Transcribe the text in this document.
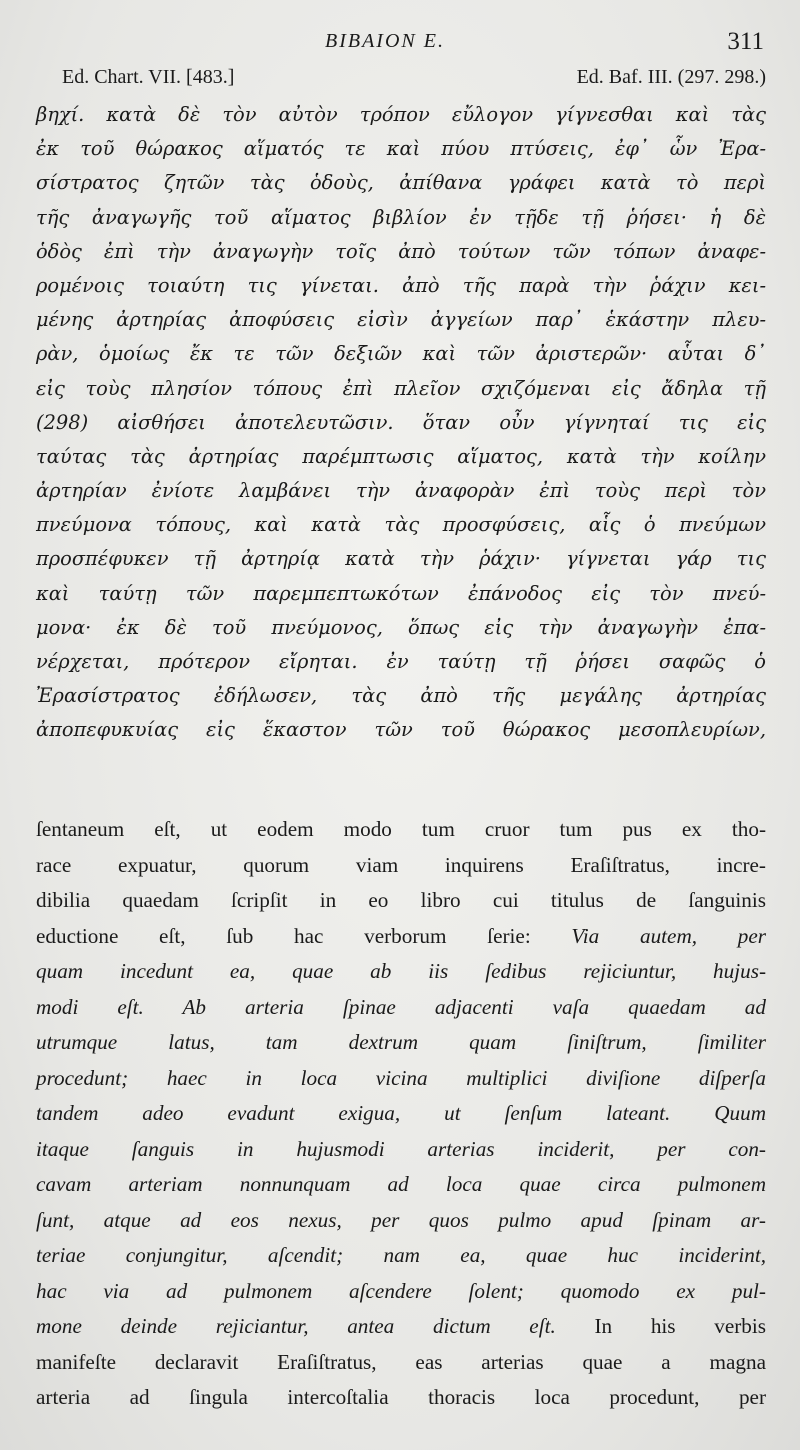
BIBAION E.	311
Ed. Chart. VII. [483.]	Ed. Baf. III. (297. 298.)
βηχί. κατὰ δὲ τὸν αὐτὸν τρόπον εὔλογον γίγνεσθαι καὶ τὰς
ἐκ τοῦ θώρακος αἵματός τε καὶ πύου πτύσεις, ἐφ᾽ ὧν Ἐρα-
σίστρατος ζητῶν τὰς ὁδοὺς, ἀπίθανα γράφει κατὰ τὸ περὶ
τῆς ἀναγωγῆς τοῦ αἵματος βιβλίον ἐν τῇδε τῇ ῥήσει· ἡ δὲ
ὁδὸς ἐπὶ τὴν ἀναγωγὴν τοῖς ἀπὸ τούτων τῶν τόπων ἀναφε-
ρομένοις τοιαύτη τις γίνεται. ἀπὸ τῆς παρὰ τὴν ῥάχιν κει-
μένης ἀρτηρίας ἀποφύσεις εἰσὶν ἀγγείων παρ᾽ ἑκάστην πλευ-
ρὰν, ὁμοίως ἔκ τε τῶν δεξιῶν καὶ τῶν ἀριστερῶν· αὗται δ᾽
εἰς τοὺς πλησίον τόπους ἐπὶ πλεῖον σχιζόμεναι εἰς ἄδηλα τῇ
(298) αἰσθήσει ἀποτελευτῶσιν. ὅταν οὖν γίγνηταί τις εἰς
ταύτας τὰς ἀρτηρίας παρέμπτωσις αἵματος, κατὰ τὴν κοίλην
ἀρτηρίαν ἐνίοτε λαμβάνει τὴν ἀναφορὰν ἐπὶ τοὺς περὶ τὸν
πνεύμονα τόπους, καὶ κατὰ τὰς προσφύσεις, αἷς ὁ πνεύμων
προσπέφυκεν τῇ ἀρτηρίᾳ κατὰ τὴν ῥάχιν· γίγνεται γάρ τις
καὶ ταύτῃ τῶν παρεμπεπτωκότων ἐπάνοδος εἰς τὸν πνεύ-
μονα· ἐκ δὲ τοῦ πνεύμονος, ὅπως εἰς τὴν ἀναγωγὴν ἐπα-
νέρχεται, πρότερον εἴρηται. ἐν ταύτῃ τῇ ῥήσει σαφῶς ὁ
Ἐρασίστρατος ἐδήλωσεν, τὰς ἀπὸ τῆς μεγάλης ἀρτηρίας
ἀποπεφυκυίας εἰς ἕκαστον τῶν τοῦ θώρακος μεσοπλευρίων,
ſentaneum eſt, ut eodem modo tum cruor tum pus ex tho-
race expuatur, quorum viam inquirens Eraſiſtratus, incre-
dibilia quaedam ſcripſit in eo libro cui titulus de ſanguinis
eductione eſt, ſub hac verborum ſerie: Via autem, per
quam incedunt ea, quae ab iis ſedibus rejiciuntur, hujus-
modi eſt. Ab arteria ſpinae adjacenti vaſa quaedam ad
utrumque latus, tam dextrum quam ſiniſtrum, ſimiliter
procedunt; haec in loca vicina multiplici diviſione diſperſa
tandem adeo evadunt exigua, ut ſenſum lateant. Quum
itaque ſanguis in hujusmodi arterias inciderit, per con-
cavam arteriam nonnunquam ad loca quae circa pulmonem
ſunt, atque ad eos nexus, per quos pulmo apud ſpinam ar-
teriae conjungitur, aſcendit; nam ea, quae huc inciderint,
hac via ad pulmonem aſcendere ſolent; quomodo ex pul-
mone deinde rejiciantur, antea dictum eſt. In his verbis
manifeſte declaravit Eraſiſtratus, eas arterias quae a magna
arteria ad ſingula intercoſtalia thoracis loca procedunt, per
